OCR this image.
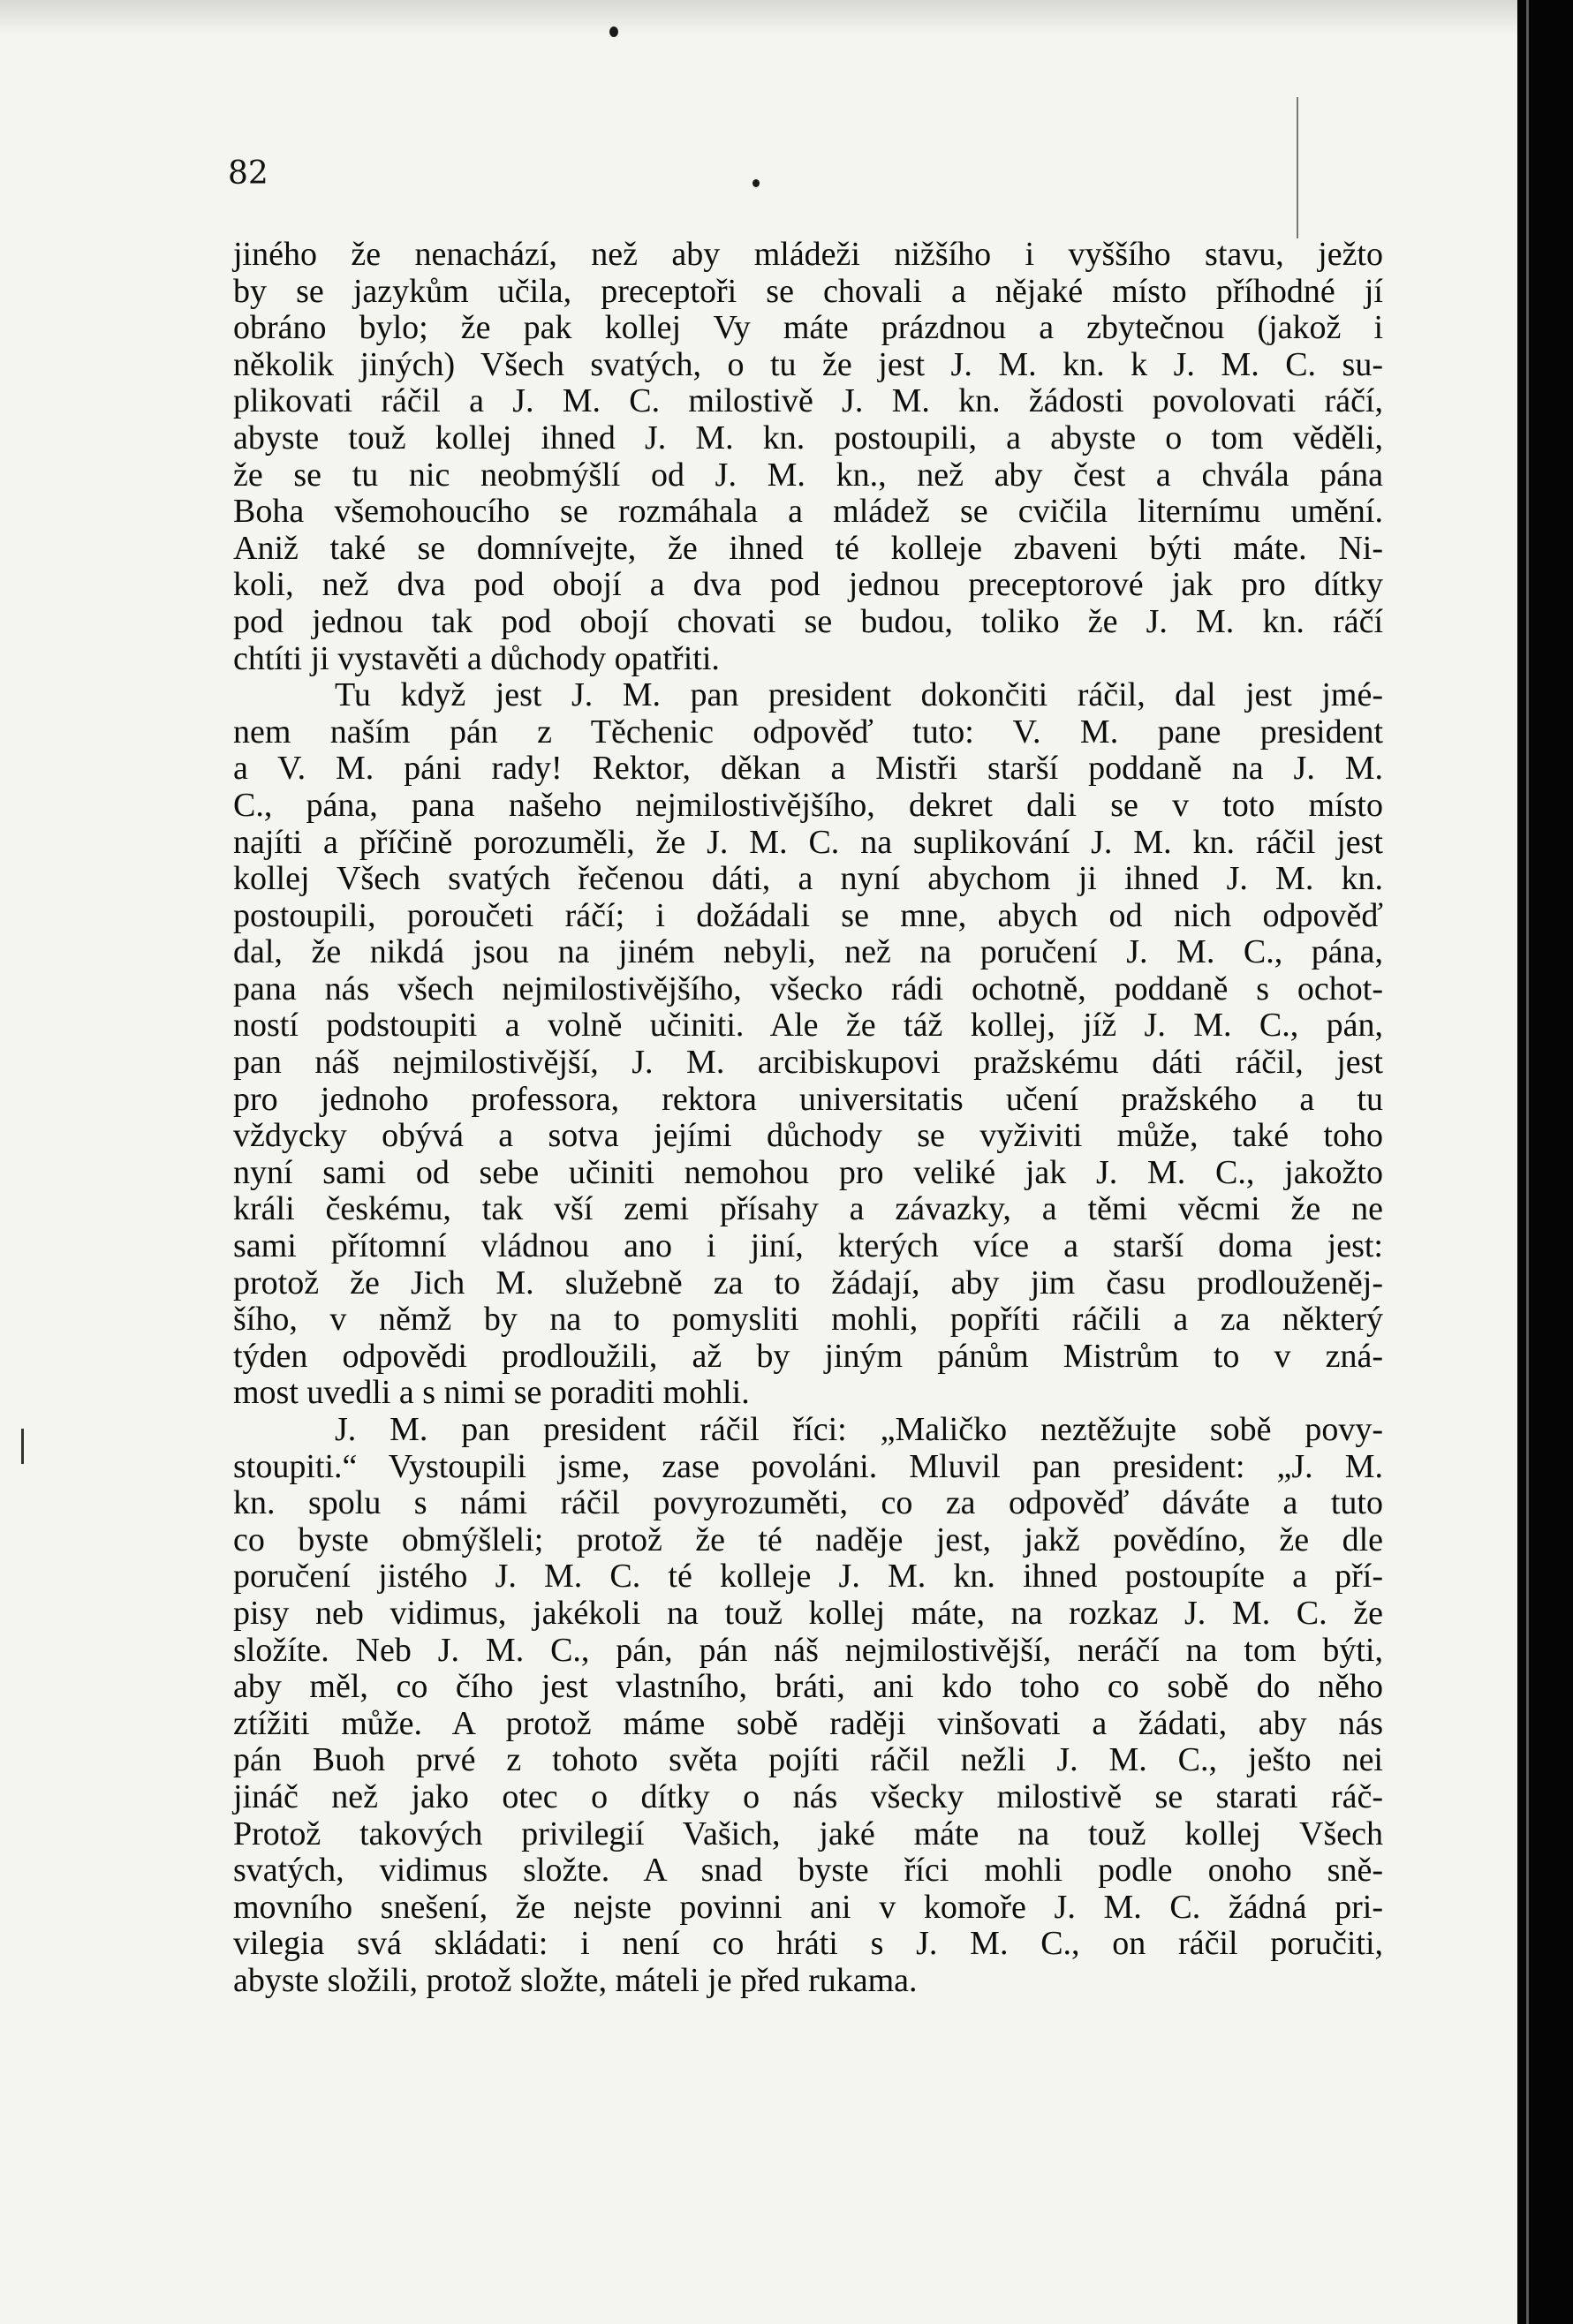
82
jiného že nenachází, než aby mládeži nižšího i vyššího stavu, ježto
by se jazykům učila, preceptoři se chovali a nějaké místo příhodné jí
obráno bylo; že pak kollej Vy máte prázdnou a zbytečnou (jakož i
několik jiných) Všech svatých, o tu že jest J. M. kn. k J. M. C. su-
plikovati ráčil a J. M. C. milostivě J. M. kn. žádosti povolovati ráčí,
abyste touž kollej ihned J. M. kn. postoupili, a abyste o tom věděli,
že se tu nic neobmýšlí od J. M. kn., než aby čest a chvála pána
Boha všemohoucího se rozmáhala a mládež se cvičila liternímu umění.
Aniž také se domnívejte, že ihned té kolleje zbaveni býti máte. Ni-
koli, než dva pod obojí a dva pod jednou preceptorové jak pro dítky
pod jednou tak pod obojí chovati se budou, toliko že J. M. kn. ráčí
chtíti ji vystavěti a důchody opatřiti.
Tu když jest J. M. pan president dokončiti ráčil, dal jest jmé-
nem naším pán z Těchenic odpověď tuto: V. M. pane president
a V. M. páni rady! Rektor, děkan a Mistři starší poddaně na J. M.
C., pána, pana našeho nejmilostivějšího, dekret dali se v toto místo
najíti a příčině porozuměli, že J. M. C. na suplikování J. M. kn. ráčil jest
kollej Všech svatých řečenou dáti, a nyní abychom ji ihned J. M. kn.
postoupili, poroučeti ráčí; i dožádali se mne, abych od nich odpověď
dal, že nikdá jsou na jiném nebyli, než na poručení J. M. C., pána,
pana nás všech nejmilostivějšího, všecko rádi ochotně, poddaně s ochot-
ností podstoupiti a volně učiniti. Ale že táž kollej, jíž J. M. C., pán,
pan náš nejmilostivější, J. M. arcibiskupovi pražskému dáti ráčil, jest
pro jednoho professora, rektora universitatis učení pražského a tu
vždycky obývá a sotva jejími důchody se vyživiti může, také toho
nyní sami od sebe učiniti nemohou pro veliké jak J. M. C., jakožto
králi českému, tak vší zemi přísahy a závazky, a těmi věcmi že ne
sami přítomní vládnou ano i jiní, kterých více a starší doma jest:
protož že Jich M. služebně za to žádají, aby jim času prodlouženěj-
šího, v němž by na to pomysliti mohli, popříti ráčili a za některý
týden odpovědi prodloužili, až by jiným pánům Mistrům to v zná-
most uvedli a s nimi se poraditi mohli.
J. M. pan president ráčil říci: „Maličko neztěžujte sobě povy-
stoupiti.“ Vystoupili jsme, zase povoláni. Mluvil pan president: „J. M.
kn. spolu s námi ráčil povyrozuměti, co za odpověď dáváte a tuto
co byste obmýšleli; protož že té naděje jest, jakž povědíno, že dle
poručení jistého J. M. C. té kolleje J. M. kn. ihned postoupíte a pří-
pisy neb vidimus, jakékoli na touž kollej máte, na rozkaz J. M. C. že
složíte. Neb J. M. C., pán, pán náš nejmilostivější, neráčí na tom býti,
aby měl, co čího jest vlastního, bráti, ani kdo toho co sobě do něho
ztížiti může. A protož máme sobě raději vinšovati a žádati, aby nás
pán Buoh prvé z tohoto světa pojíti ráčil nežli J. M. C., ješto nei
jináč než jako otec o dítky o nás všecky milostivě se starati ráč-
Protož takových privilegií Vašich, jaké máte na touž kollej Všech
svatých, vidimus složte. A snad byste říci mohli podle onoho sně-
movního snešení, že nejste povinni ani v komoře J. M. C. žádná pri-
vilegia svá skládati: i není co hráti s J. M. C., on ráčil poručiti,
abyste složili, protož složte, máteli je před rukama.
